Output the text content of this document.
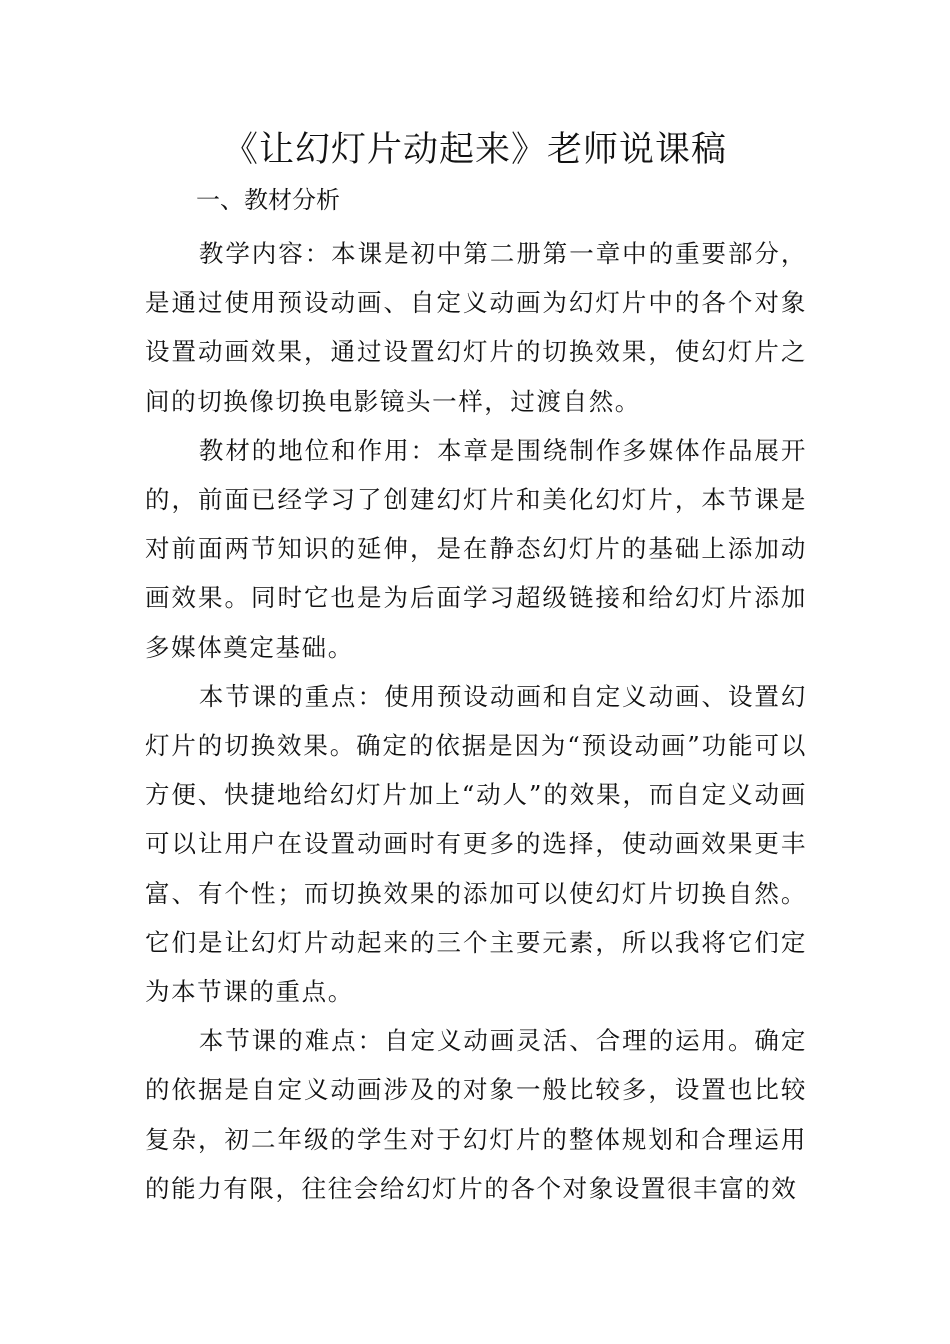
《让幻灯片动起来》老师说课稿
一、教材分析

教学内容：本课是初中第二册第一章中的重要部分，是通过使用预设动画、自定义动画为幻灯片中的各个对象设置动画效果，通过设置幻灯片的切换效果，使幻灯片之间的切换像切换电影镜头一样，过渡自然。

教材的地位和作用：本章是围绕制作多媒体作品展开的，前面已经学习了创建幻灯片和美化幻灯片，本节课是对前面两节知识的延伸，是在静态幻灯片的基础上添加动画效果。同时它也是为后面学习超级链接和给幻灯片添加多媒体奠定基础。

本节课的重点：使用预设动画和自定义动画、设置幻灯片的切换效果。确定的依据是因为“预设动画”功能可以方便、快捷地给幻灯片加上“动人”的效果，而自定义动画可以让用户在设置动画时有更多的选择，使动画效果更丰富、有个性；而切换效果的添加可以使幻灯片切换自然。它们是让幻灯片动起来的三个主要元素，所以我将它们定为本节课的重点。

本节课的难点：自定义动画灵活、合理的运用。确定的依据是自定义动画涉及的对象一般比较多，设置也比较复杂，初二年级的学生对于幻灯片的整体规划和合理运用的能力有限，往往会给幻灯片的各个对象设置很丰富的效
